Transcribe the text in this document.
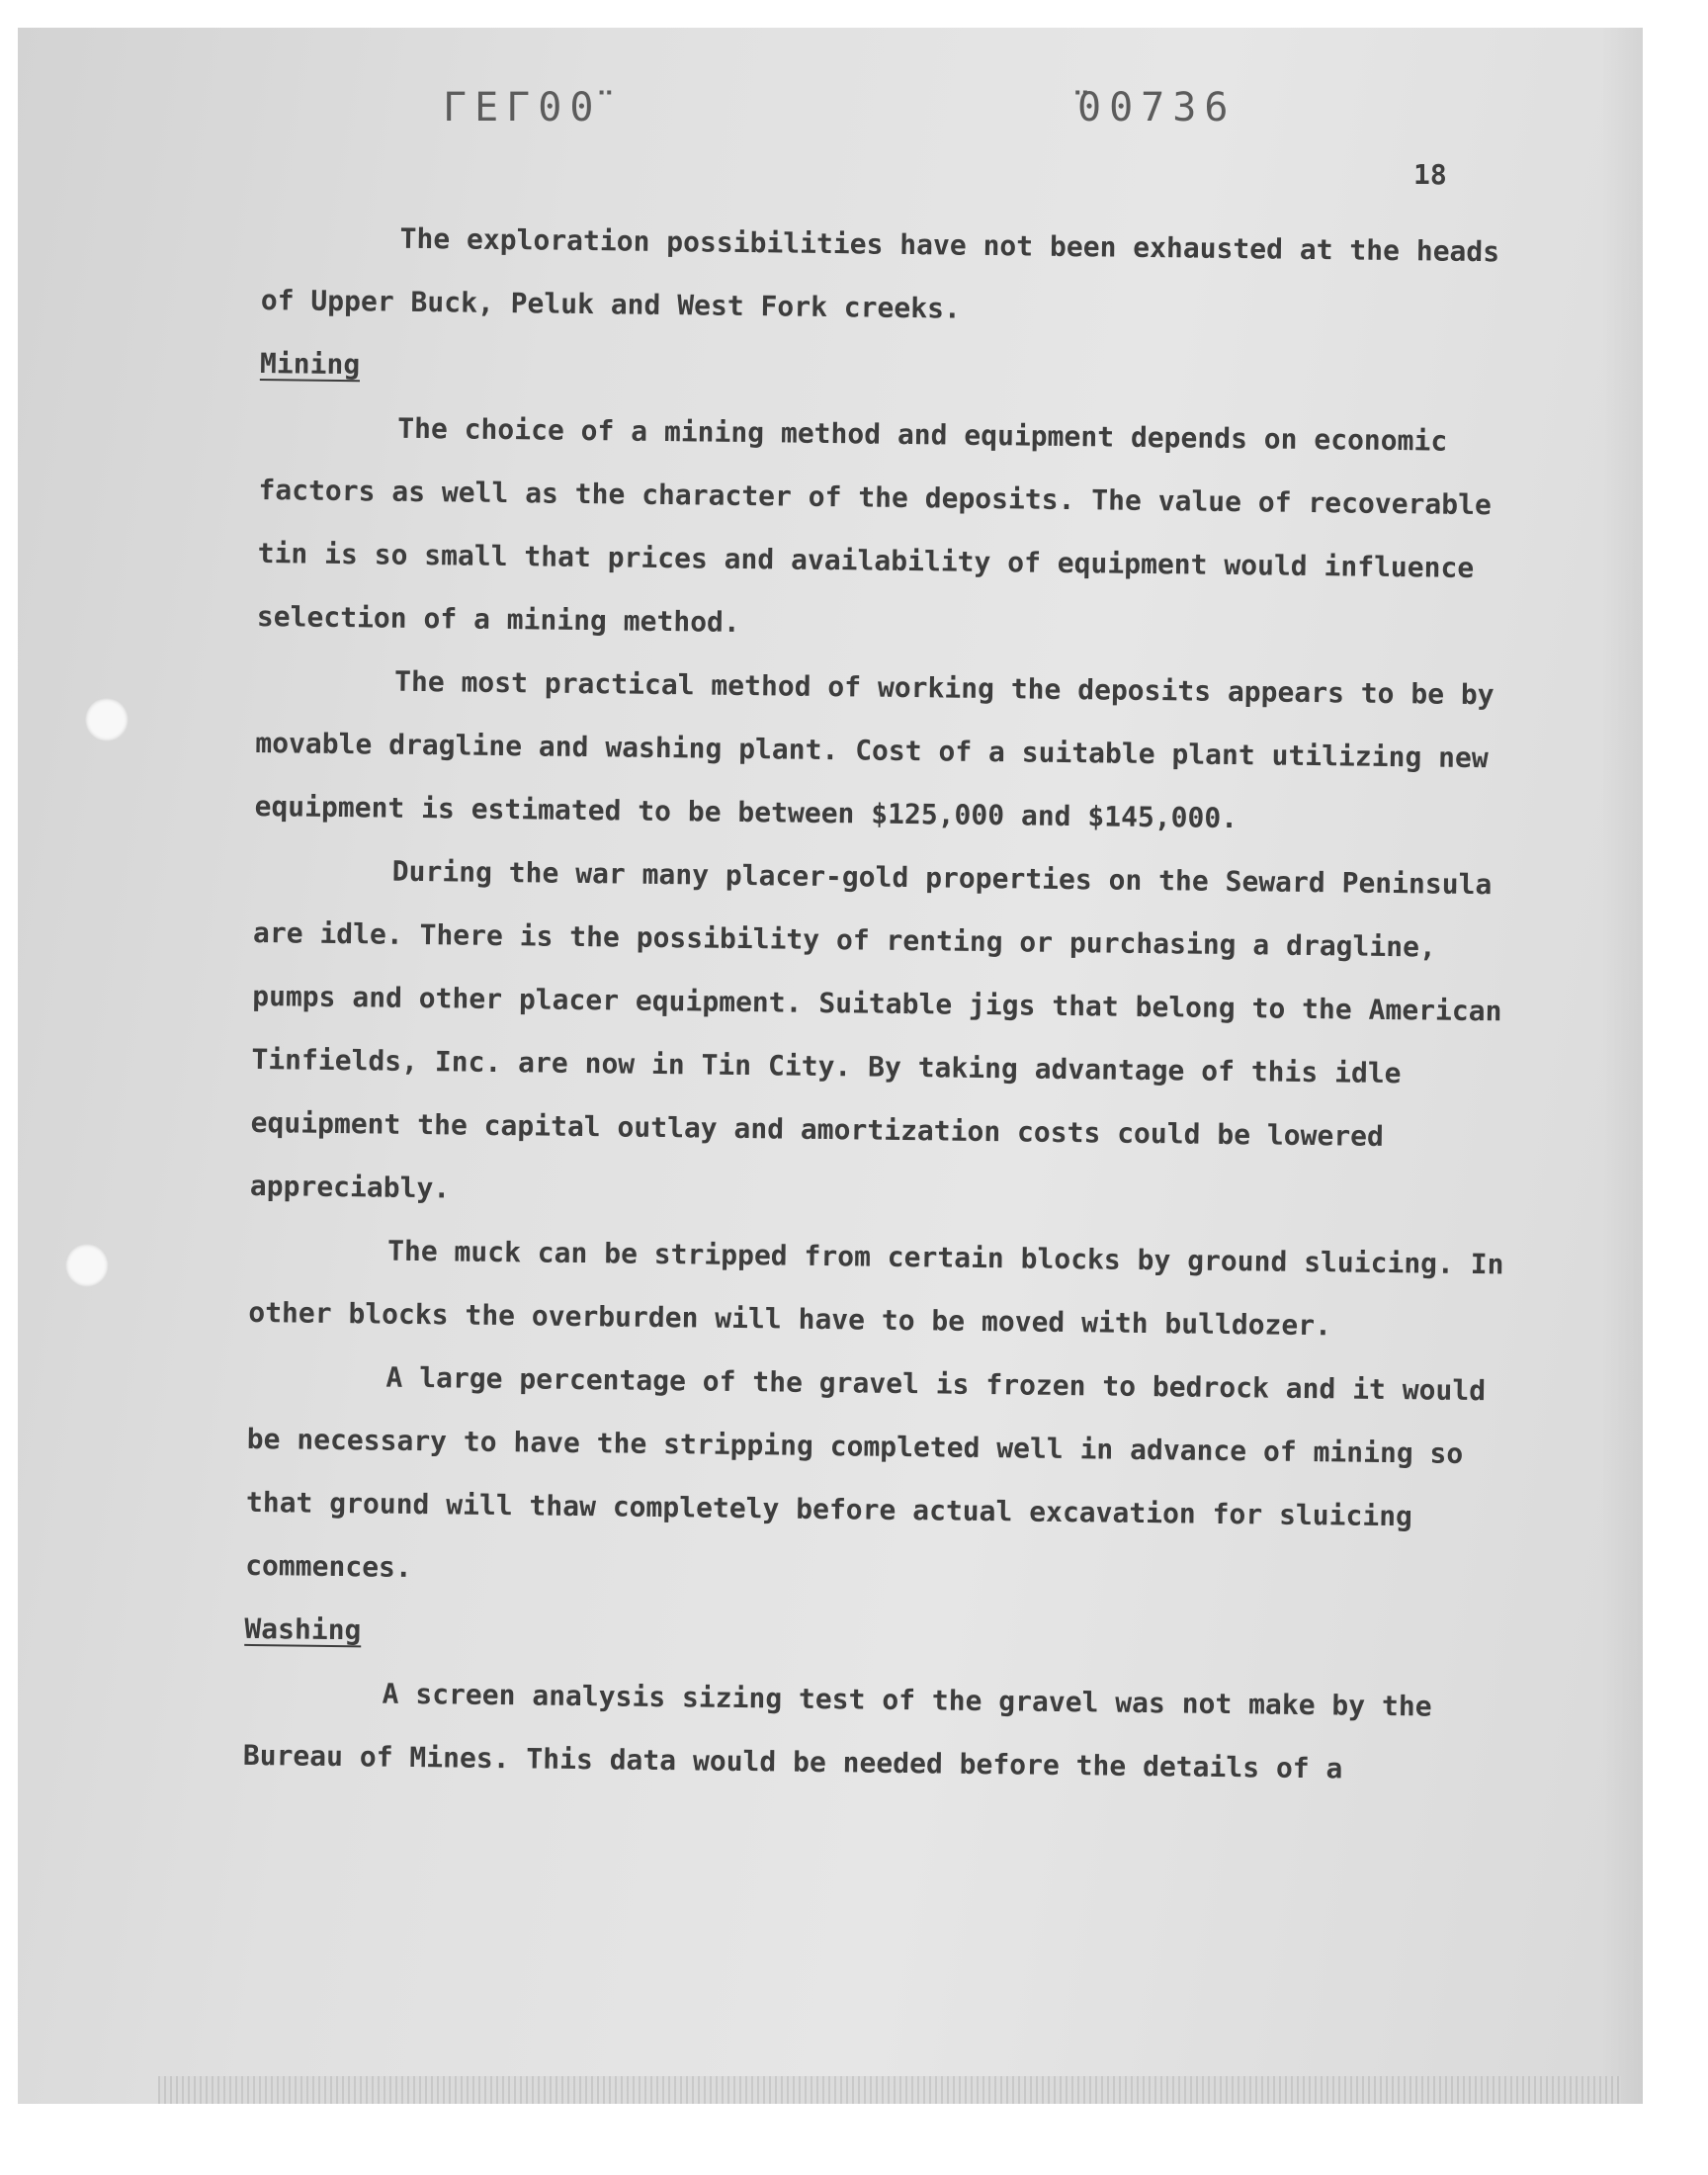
ГЕГ00̈	̈00736
18

The exploration possibilities have not been exhausted at the heads of Upper Buck, Peluk and West Fork creeks.

Mining

The choice of a mining method and equipment depends on economic factors as well as the character of the deposits. The value of recoverable tin is so small that prices and availability of equipment would influence selection of a mining method.

The most practical method of working the deposits appears to be by movable dragline and washing plant. Cost of a suitable plant utilizing new equipment is estimated to be between $125,000 and $145,000.

During the war many placer-gold properties on the Seward Peninsula are idle. There is the possibility of renting or purchasing a dragline, pumps and other placer equipment. Suitable jigs that belong to the American Tinfields, Inc. are now in Tin City. By taking advantage of this idle equipment the capital outlay and amortization costs could be lowered appreciably.

The muck can be stripped from certain blocks by ground sluicing. In other blocks the overburden will have to be moved with bulldozer.

A large percentage of the gravel is frozen to bedrock and it would be necessary to have the stripping completed well in advance of mining so that ground will thaw completely before actual excavation for sluicing commences.

Washing

A screen analysis sizing test of the gravel was not make by the Bureau of Mines. This data would be needed before the details of a
